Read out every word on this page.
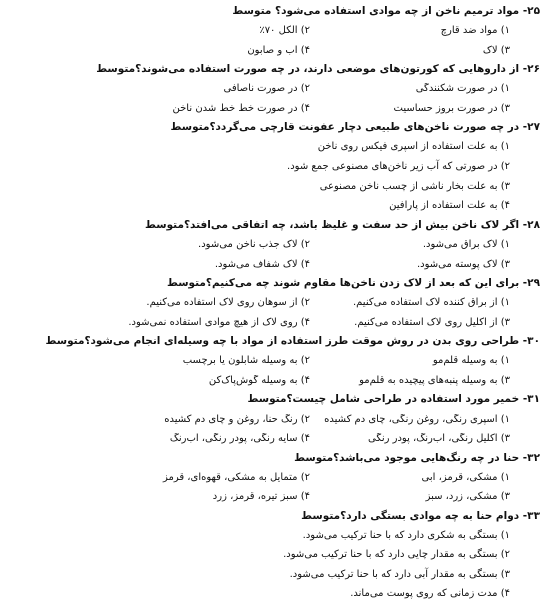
۲۵- مواد ترمیم ناخن از چه موادی استفاده می‌شود؟ متوسط
۱) مواد ضد قارچ
۲) الکل ۷۰٪
۳) لاک
۴) آب و صابون
۲۶- از داروهایی که کورتون‌های موضعی دارند، در چه صورت استفاده می‌شوند؟متوسط
۱) در صورت شکنندگی
۲) در صورت ناصافی
۳) در صورت بروز حساسیت
۴) در صورت خط خط شدن ناخن
۲۷- در چه صورت ناخن‌های طبیعی دچار عفونت قارچی می‌گردد؟متوسط
۱) به علت استفاده از اسپری فیکس روی ناخن
۲) در صورتی که آب زیر ناخن‌های مصنوعی جمع شود.
۳) به علت بخار ناشی از چسب ناخن مصنوعی
۴) به علت استفاده از پارافین
۲۸- اگر لاک ناخن بیش از حد سفت و غلیظ باشد، چه اتفاقی می‌افتد؟متوسط
۱) لاک براق می‌شود.
۲) لاک جذب ناخن می‌شود.
۳) لاک پوسته می‌شود.
۴) لاک شفاف می‌شود.
۲۹- برای این که بعد از لاک زدن ناخن‌ها مقاوم شوند چه می‌کنیم؟متوسط
۱) از براق کننده لاک استفاده می‌کنیم.
۲) از سوهان روی لاک استفاده می‌کنیم.
۳) از اکلیل روی لاک استفاده می‌کنیم.
۴) روی لاک از هیچ موادی استفاده نمی‌شود.
۳۰- طراحی روی بدن در روش موقت طرز استفاده از مواد با چه وسیله‌ای انجام می‌شود؟متوسط
۱) به وسیله قلم‌مو
۲) به وسیله شابلون یا برچسب
۳) به وسیله پنبه‌های پیچیده به قلم‌مو
۴) به وسیله گوش‌پاک‌کن
۳۱- خمیر مورد استفاده در طراحی شامل چیست؟متوسط
۱) اسپری رنگی، روغن رنگی، چای دم کشیده
۲) رنگ حنا، روغن و چای دم کشیده
۳) اکلیل رنگی، آب‌رنگ، پودر رنگی
۴) سایه رنگی، پودر رنگی، آب‌رنگ
۳۲- حنا در چه رنگ‌هایی موجود می‌باشد؟متوسط
۱) مشکی، قرمز، آبی
۲) متمایل به مشکی، قهوه‌ای، قرمز
۳) مشکی، زرد، سبز
۴) سبز تیره، قرمز، زرد
۳۳- دوام حنا به چه موادی بستگی دارد؟متوسط
۱) بستگی به شکری دارد که با حنا ترکیب می‌شود.
۲) بستگی به مقدار چایی دارد که با حنا ترکیب می‌شود.
۳) بستگی به مقدار آبی دارد که با حنا ترکیب می‌شود.
۴) مدت زمانی که روی پوست می‌ماند.
